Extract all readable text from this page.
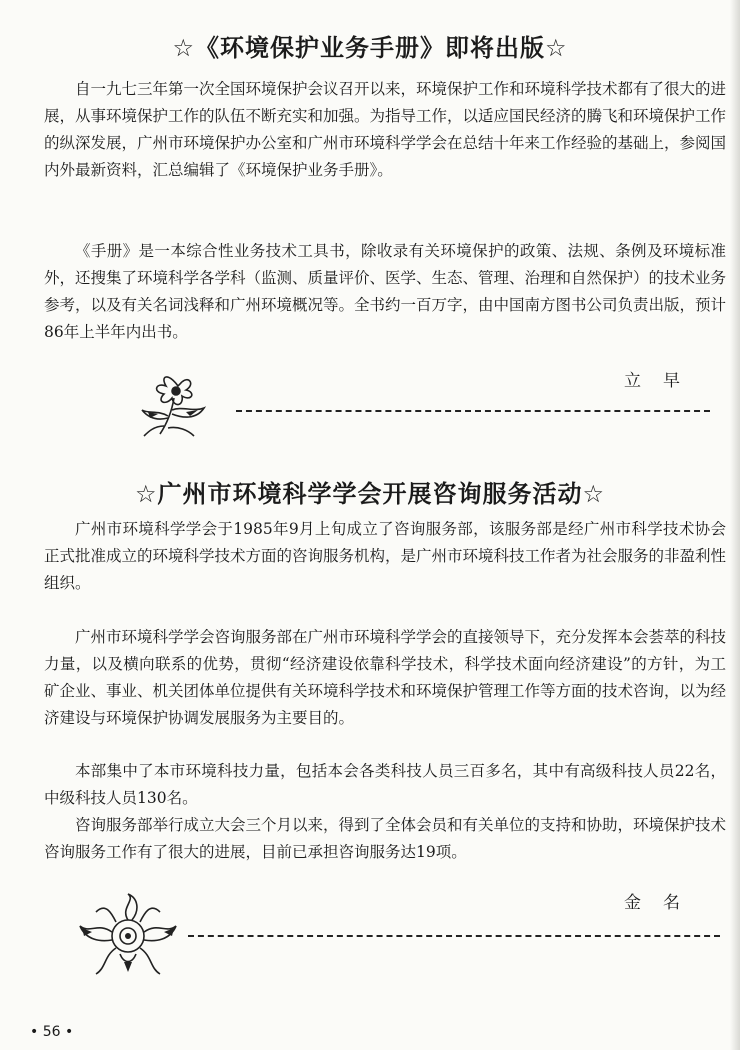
☆《环境保护业务手册》即将出版☆

自一九七三年第一次全国环境保护会议召开以来，环境保护工作和环境科学技术都有了很大的进展，从事环境保护工作的队伍不断充实和加强。为指导工作，以适应国民经济的腾飞和环境保护工作的纵深发展，广州市环境保护办公室和广州市环境科学学会在总结十年来工作经验的基础上，参阅国内外最新资料，汇总编辑了《环境保护业务手册》。

《手册》是一本综合性业务技术工具书，除收录有关环境保护的政策、法规、条例及环境标准外，还搜集了环境科学各学科（监测、质量评价、医学、生态、管理、治理和自然保护）的技术业务参考，以及有关名词浅释和广州环境概况等。全书约一百万字，由中国南方图书公司负责出版，预计86年上半年内出书。

立早
☆广州市环境科学学会开展咨询服务活动☆

广州市环境科学学会于1985年9月上旬成立了咨询服务部，该服务部是经广州市科学技术协会正式批准成立的环境科学技术方面的咨询服务机构，是广州市环境科技工作者为社会服务的非盈利性组织。

广州市环境科学学会咨询服务部在广州市环境科学学会的直接领导下，充分发挥本会荟萃的科技力量，以及横向联系的优势，贯彻“经济建设依靠科学技术，科学技术面向经济建设”的方针，为工矿企业、事业、机关团体单位提供有关环境科学技术和环境保护管理工作等方面的技术咨询，以为经济建设与环境保护协调发展服务为主要目的。

本部集中了本市环境科技力量，包括本会各类科技人员三百多名，其中有高级科技人员22名，中级科技人员130名。

咨询服务部举行成立大会三个月以来，得到了全体会员和有关单位的支持和协助，环境保护技术咨询服务工作有了很大的进展，目前已承担咨询服务达19项。

金名
• 56 •
